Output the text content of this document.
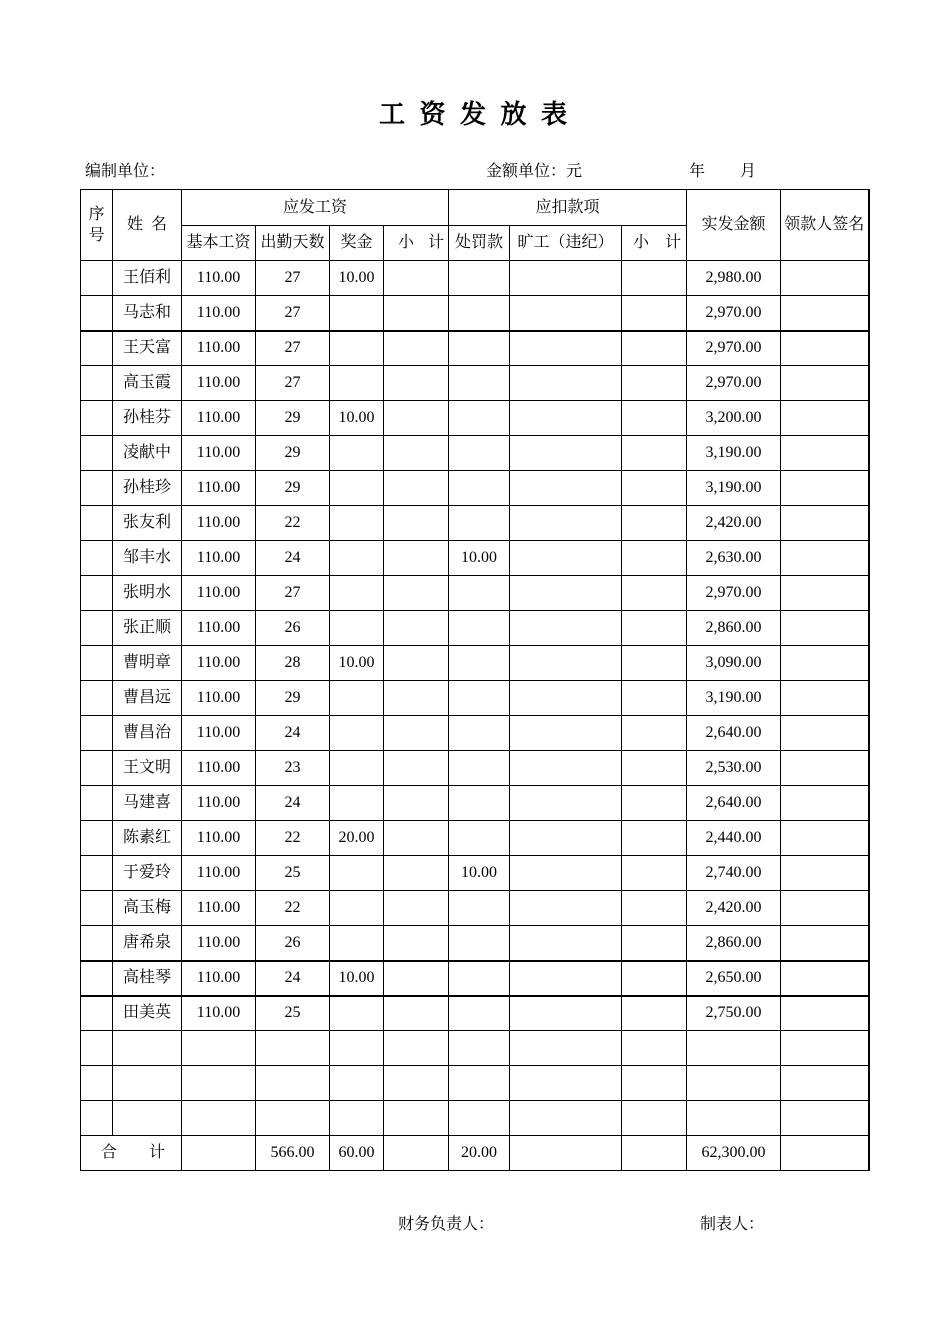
工 资 发 放 表
编制单位：	金额单位：元	年 月
序号	姓 名	应发工资				应扣款项			实发金额	领款人签名
		基本工资	出勤天数	奖金	小 计	处罚款	旷工（违纪）	小 计		
	王佰利	110.00	27	10.00					2,980.00	
	马志和	110.00	27						2,970.00	
	王天富	110.00	27						2,970.00	
	高玉霞	110.00	27						2,970.00	
	孙桂芬	110.00	29	10.00					3,200.00	
	凌献中	110.00	29						3,190.00	
	孙桂珍	110.00	29						3,190.00	
	张友利	110.00	22						2,420.00	
	邹丰水	110.00	24			10.00			2,630.00	
	张明水	110.00	27						2,970.00	
	张正顺	110.00	26						2,860.00	
	曹明章	110.00	28	10.00					3,090.00	
	曹昌远	110.00	29						3,190.00	
	曹昌治	110.00	24						2,640.00	
	王文明	110.00	23						2,530.00	
	马建喜	110.00	24						2,640.00	
	陈素红	110.00	22	20.00					2,440.00	
	于爱玲	110.00	25			10.00			2,740.00	
	高玉梅	110.00	22						2,420.00	
	唐希泉	110.00	26						2,860.00	
	高桂琴	110.00	24	10.00					2,650.00	
	田美英	110.00	25						2,750.00	

合 计			566.00	60.00		20.00			62,300.00	
财务负责人：	制表人：
